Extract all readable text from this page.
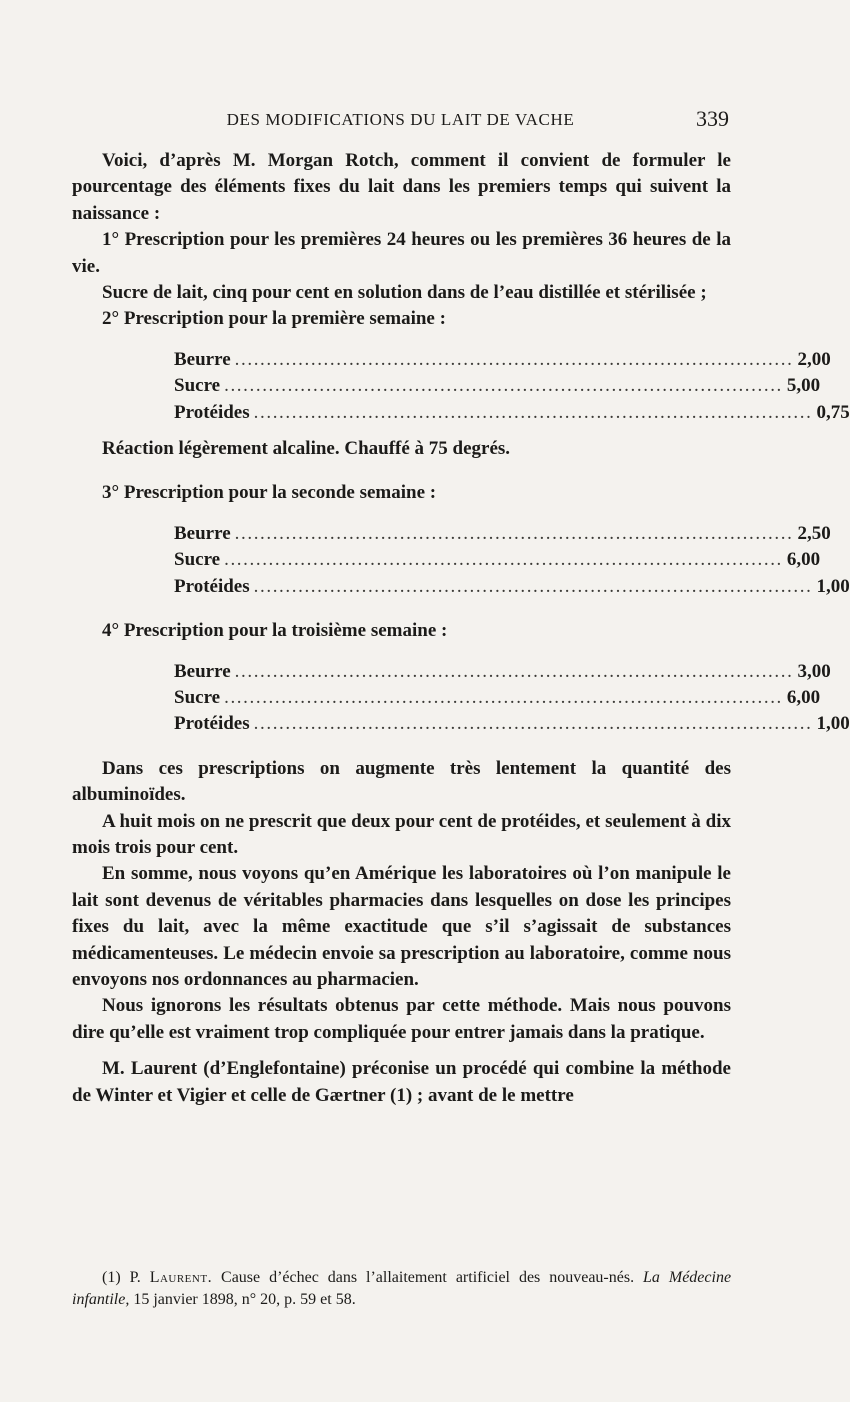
DES MODIFICATIONS DU LAIT DE VACHE	339

Voici, d’après M. Morgan Rotch, comment il convient de formuler le pourcentage des éléments fixes du lait dans les premiers temps qui suivent la naissance :

1° Prescription pour les premières 24 heures ou les premières 36 heures de la vie.

Sucre de lait, cinq pour cent en solution dans de l’eau distillée et stérilisée ;

2° Prescription pour la première semaine :

Beurre ........................................................................................ 2,00
Sucre ........................................................................................ 5,00
Protéides ........................................................................................ 0,75

Réaction légèrement alcaline. Chauffé à 75 degrés.

3° Prescription pour la seconde semaine :

Beurre ........................................................................................ 2,50
Sucre ........................................................................................ 6,00
Protéides ........................................................................................ 1,00

4° Prescription pour la troisième semaine :

Beurre ........................................................................................ 3,00
Sucre ........................................................................................ 6,00
Protéides ........................................................................................ 1,00

Dans ces prescriptions on augmente très lentement la quantité des albuminoïdes.

A huit mois on ne prescrit que deux pour cent de protéides, et seulement à dix mois trois pour cent.

En somme, nous voyons qu’en Amérique les laboratoires où l’on manipule le lait sont devenus de véritables pharmacies dans lesquelles on dose les principes fixes du lait, avec la même exactitude que s’il s’agissait de substances médicamenteuses. Le médecin envoie sa prescription au laboratoire, comme nous envoyons nos ordonnances au pharmacien.

Nous ignorons les résultats obtenus par cette méthode. Mais nous pouvons dire qu’elle est vraiment trop compliquée pour entrer jamais dans la pratique.

M. Laurent (d’Englefontaine) préconise un procédé qui combine la méthode de Winter et Vigier et celle de Gærtner (1) ; avant de le mettre

(1) P. Laurent. Cause d’échec dans l’allaitement artificiel des nouveau-nés. La Médecine infantile, 15 janvier 1898, n° 20, p. 59 et 58.
